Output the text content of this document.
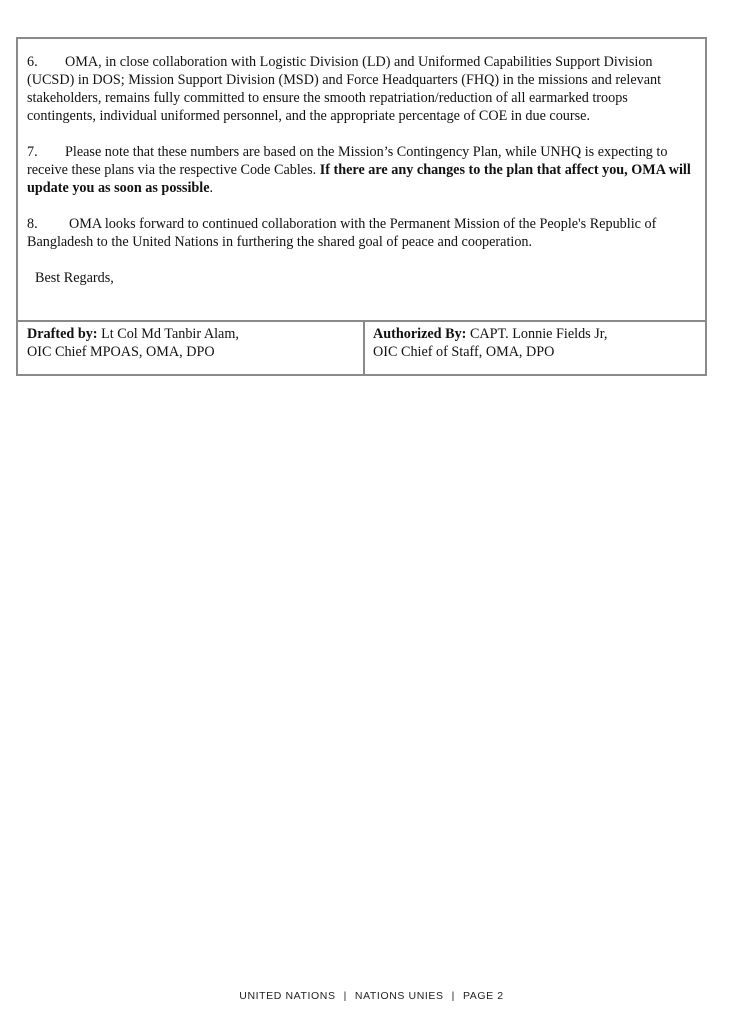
6. OMA, in close collaboration with Logistic Division (LD) and Uniformed Capabilities Support Division (UCSD) in DOS; Mission Support Division (MSD) and Force Headquarters (FHQ) in the missions and relevant stakeholders, remains fully committed to ensure the smooth repatriation/reduction of all earmarked troops contingents, individual uniformed personnel, and the appropriate percentage of COE in due course.

7. Please note that these numbers are based on the Mission’s Contingency Plan, while UNHQ is expecting to receive these plans via the respective Code Cables. If there are any changes to the plan that affect you, OMA will update you as soon as possible.

8. OMA looks forward to continued collaboration with the Permanent Mission of the People's Republic of Bangladesh to the United Nations in furthering the shared goal of peace and cooperation.

Best Regards,

Drafted by: Lt Col Md Tanbir Alam,
OIC Chief MPOAS, OMA, DPO
Authorized By: CAPT. Lonnie Fields Jr,
OIC Chief of Staff, OMA, DPO
UNITED NATIONS | NATIONS UNIES | PAGE 2
